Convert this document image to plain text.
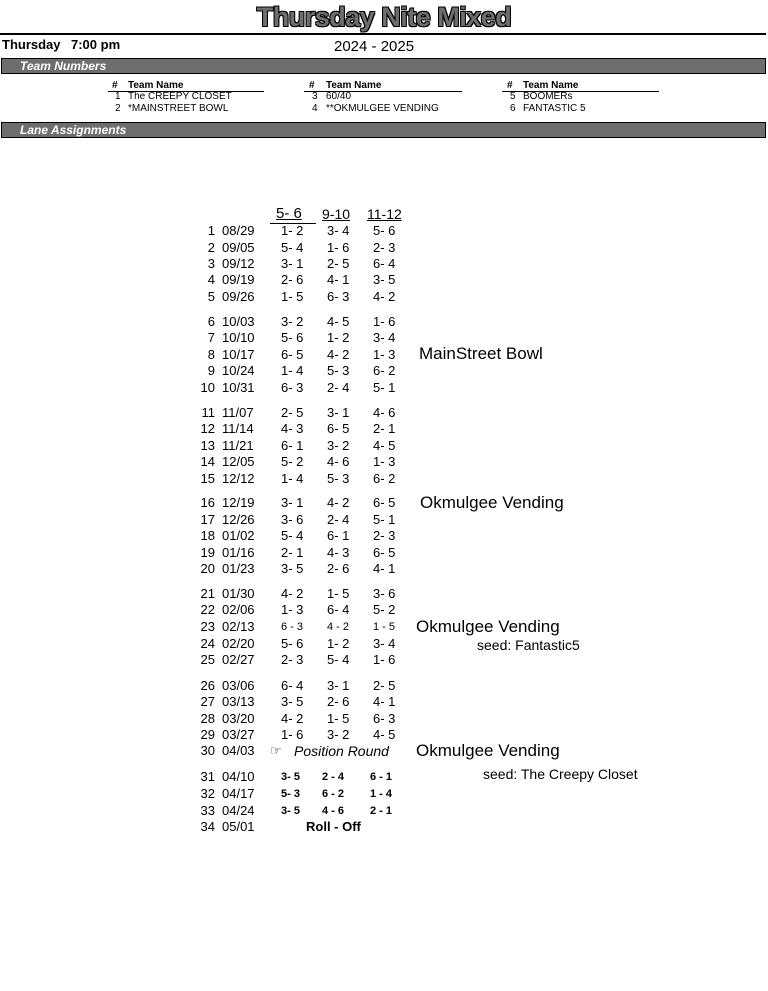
Thursday Nite Mixed
Thursday 7:00 pm	2024 - 2025
Team Numbers
# Team Name	# Team Name	# Team Name
1 The CREEPY CLOSET
2 *MAINSTREET BOWL
3 60/40
4 **OKMULGEE VENDING
5 BOOMERs
6 FANTASTIC 5
Lane Assignments
5- 6 9-10 11-12
1 08/29 1- 2 3- 4 5- 6
2 09/05 5- 4 1- 6 2- 3
3 09/12 3- 1 2- 5 6- 4
4 09/19 2- 6 4- 1 3- 5
5 09/26 1- 5 6- 3 4- 2
6 10/03 3- 2 4- 5 1- 6
7 10/10 5- 6 1- 2 3- 4
8 10/17 6- 5 4- 2 1- 3
9 10/24 1- 4 5- 3 6- 2
10 10/31 6- 3 2- 4 5- 1
11 11/07 2- 5 3- 1 4- 6
12 11/14 4- 3 6- 5 2- 1
13 11/21 6- 1 3- 2 4- 5
14 12/05 5- 2 4- 6 1- 3
15 12/12 1- 4 5- 3 6- 2
16 12/19 3- 1 4- 2 6- 5
17 12/26 3- 6 2- 4 5- 1
18 01/02 5- 4 6- 1 2- 3
19 01/16 2- 1 4- 3 6- 5
20 01/23 3- 5 2- 6 4- 1
21 01/30 4- 2 1- 5 3- 6
22 02/06 1- 3 6- 4 5- 2
23 02/13 6 - 3 4 - 2 1 - 5
24 02/20 5- 6 1- 2 3- 4
25 02/27 2- 3 5- 4 1- 6
26 03/06 6- 4 3- 1 2- 5
27 03/13 3- 5 2- 6 4- 1
28 03/20 4- 2 1- 5 6- 3
29 03/27 1- 6 3- 2 4- 5
30 04/03 ☞ Position Round
31 04/10 3- 5 2 - 4 6 - 1
32 04/17 5- 3 6 - 2 1 - 4
33 04/24 3- 5 4 - 6 2 - 1
34 05/01	Roll - Off
MainStreet Bowl
Okmulgee Vending
Okmulgee Vending
seed: Fantastic5
Okmulgee Vending
seed: The Creepy Closet
